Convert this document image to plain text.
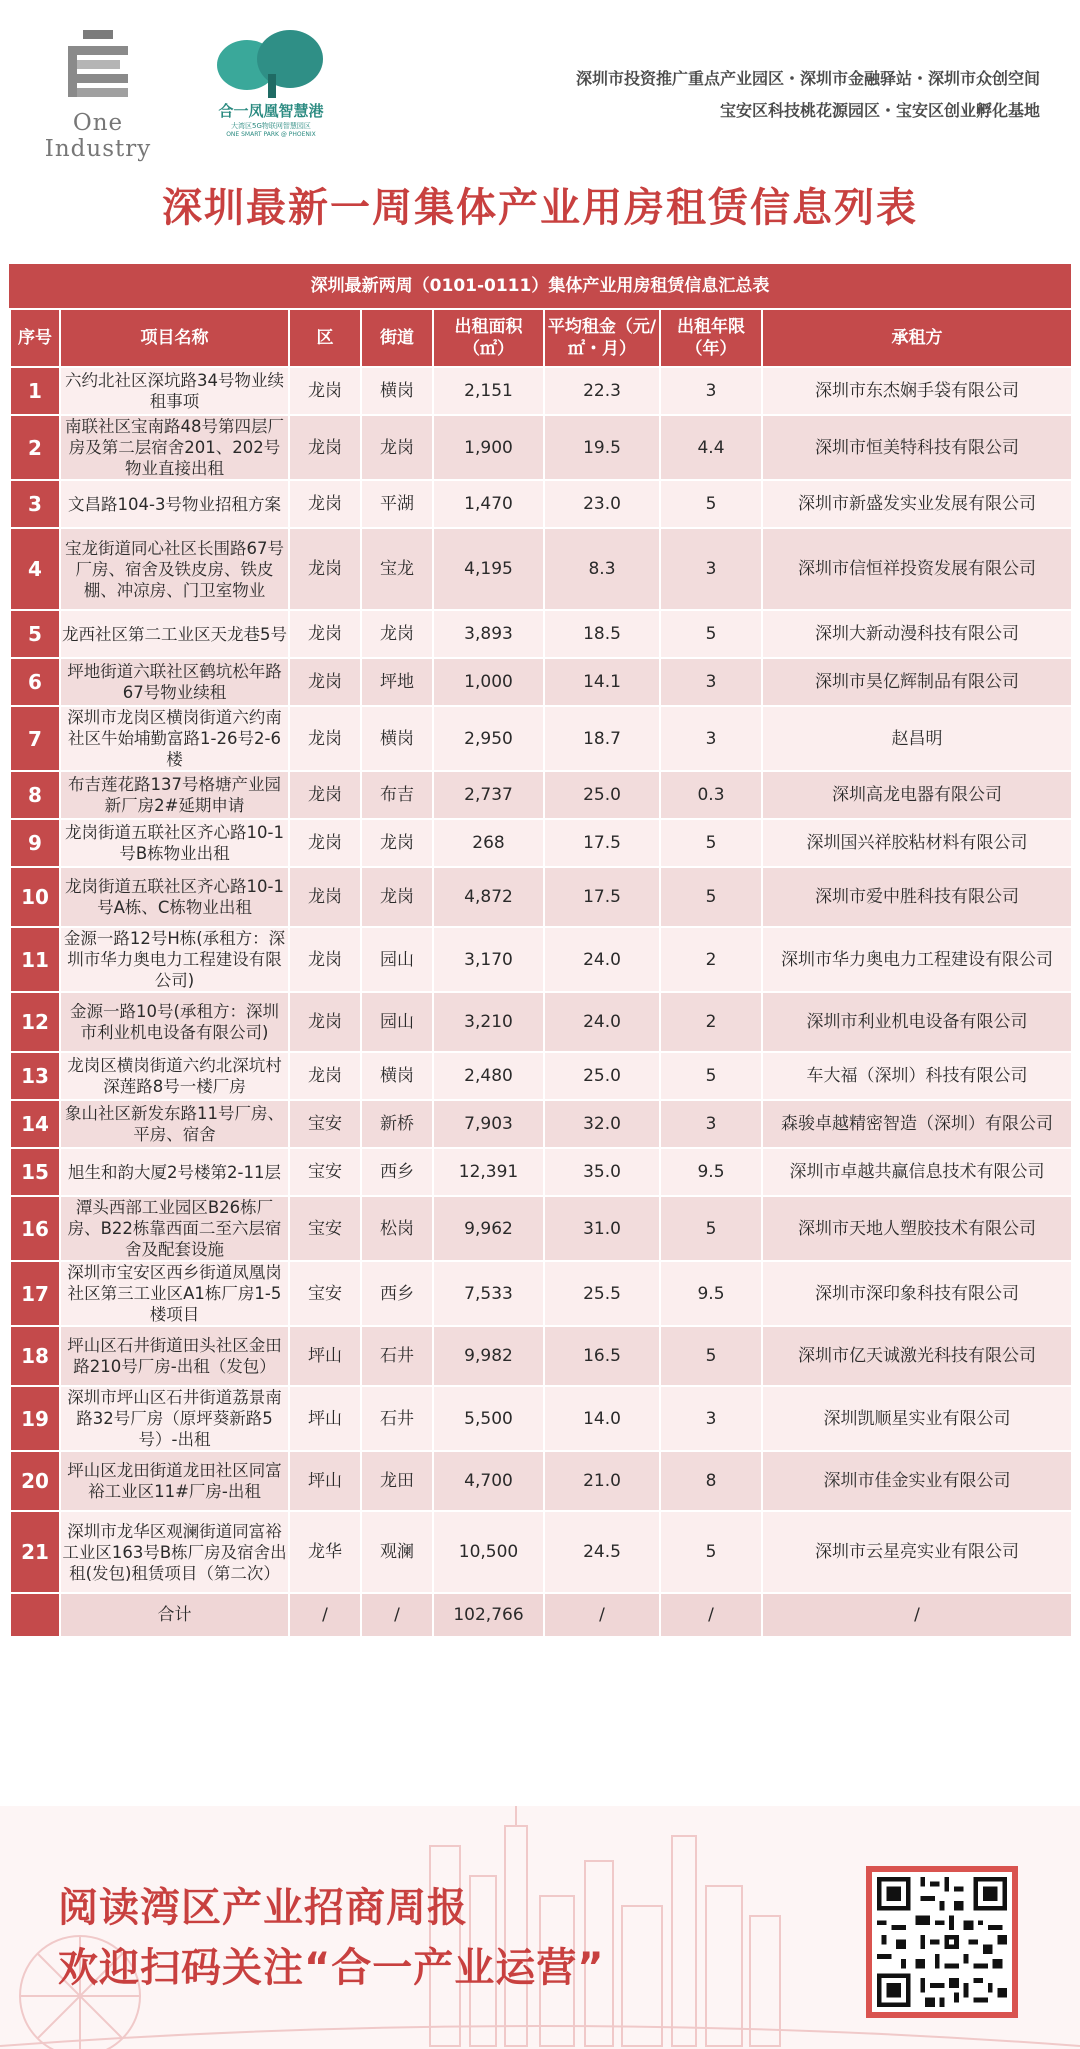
One Industry
合一凤凰智慧港
大湾区5G物联网智慧园区
ONE SMART PARK @ PHOENIX
深圳市投资推广重点产业园区・深圳市金融驿站・深圳市众创空间
宝安区科技桃花源园区・宝安区创业孵化基地
深圳最新一周集体产业用房租赁信息列表
深圳最新两周（0101-0111）集体产业用房租赁信息汇总表
序号	项目名称	区	街道	出租面积（㎡）	平均租金（元/㎡・月）	出租年限（年）	承租方
1	六约北社区深坑路34号物业续租事项	龙岗	横岗	2,151	22.3	3	深圳市东杰娴手袋有限公司
2	南联社区宝南路48号第四层厂房及第二层宿舍201、202号物业直接出租	龙岗	龙岗	1,900	19.5	4.4	深圳市恒美特科技有限公司
3	文昌路104-3号物业招租方案	龙岗	平湖	1,470	23.0	5	深圳市新盛发实业发展有限公司
4	宝龙街道同心社区长围路67号厂房、宿舍及铁皮房、铁皮棚、冲凉房、门卫室物业	龙岗	宝龙	4,195	8.3	3	深圳市信恒祥投资发展有限公司
5	龙西社区第二工业区天龙巷5号	龙岗	龙岗	3,893	18.5	5	深圳大新动漫科技有限公司
6	坪地街道六联社区鹤坑松年路67号物业续租	龙岗	坪地	1,000	14.1	3	深圳市昊亿辉制品有限公司
7	深圳市龙岗区横岗街道六约南社区牛始埔勤富路1-26号2-6楼	龙岗	横岗	2,950	18.7	3	赵昌明
8	布吉莲花路137号格塘产业园新厂房2#延期申请	龙岗	布吉	2,737	25.0	0.3	深圳高龙电器有限公司
9	龙岗街道五联社区齐心路10-1号B栋物业出租	龙岗	龙岗	268	17.5	5	深圳国兴祥胶粘材料有限公司
10	龙岗街道五联社区齐心路10-1号A栋、C栋物业出租	龙岗	龙岗	4,872	17.5	5	深圳市爱中胜科技有限公司
11	金源一路12号H栋(承租方：深圳市华力奥电力工程建设有限公司)	龙岗	园山	3,170	24.0	2	深圳市华力奥电力工程建设有限公司
12	金源一路10号(承租方：深圳市利业机电设备有限公司)	龙岗	园山	3,210	24.0	2	深圳市利业机电设备有限公司
13	龙岗区横岗街道六约北深坑村深莲路8号一楼厂房	龙岗	横岗	2,480	25.0	5	车大福（深圳）科技有限公司
14	象山社区新发东路11号厂房、平房、宿舍	宝安	新桥	7,903	32.0	3	森骏卓越精密智造（深圳）有限公司
15	旭生和韵大厦2号楼第2-11层	宝安	西乡	12,391	35.0	9.5	深圳市卓越共赢信息技术有限公司
16	潭头西部工业园区B26栋厂房、B22栋靠西面二至六层宿舍及配套设施	宝安	松岗	9,962	31.0	5	深圳市天地人塑胶技术有限公司
17	深圳市宝安区西乡街道凤凰岗社区第三工业区A1栋厂房1-5楼项目	宝安	西乡	7,533	25.5	9.5	深圳市深印象科技有限公司
18	坪山区石井街道田头社区金田路210号厂房-出租（发包）	坪山	石井	9,982	16.5	5	深圳市亿天诚激光科技有限公司
19	深圳市坪山区石井街道荔景南路32号厂房（原坪葵新路5号）-出租	坪山	石井	5,500	14.0	3	深圳凯顺星实业有限公司
20	坪山区龙田街道龙田社区同富裕工业区11#厂房-出租	坪山	龙田	4,700	21.0	8	深圳市佳金实业有限公司
21	深圳市龙华区观澜街道同富裕工业区163号B栋厂房及宿舍出租(发包)租赁项目（第二次）	龙华	观澜	10,500	24.5	5	深圳市云星亮实业有限公司
	合计	/	/	102,766	/	/	/
阅读湾区产业招商周报
欢迎扫码关注“合一产业运营”
